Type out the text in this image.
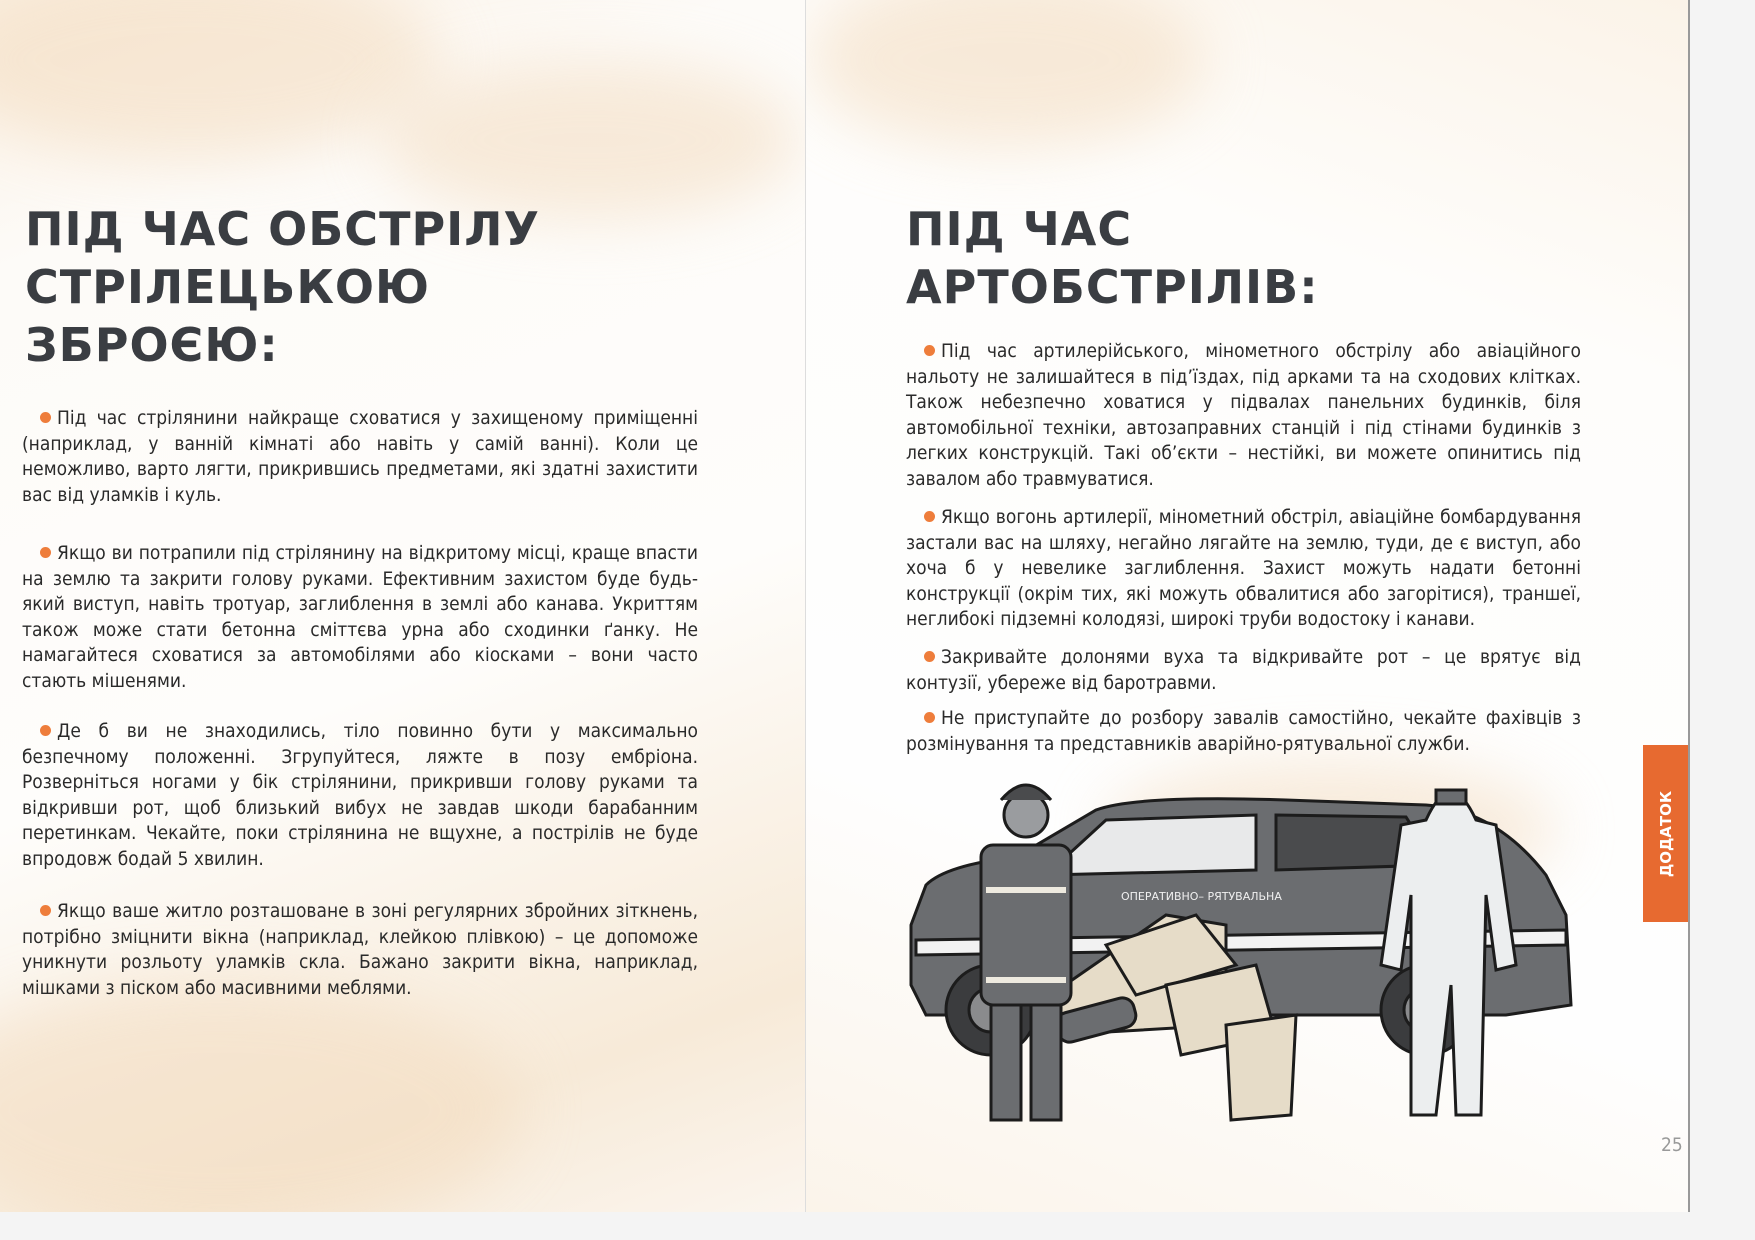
ПІД ЧАС ОБСТРІЛУ
СТРІЛЕЦЬКОЮ
ЗБРОЄЮ:

Під час стрілянини найкраще сховатися у захищеному приміщенні (наприклад, у ванній кімнаті або навіть у самій ванні). Коли це неможливо, варто лягти, прикрившись предметами, які здатні захистити вас від уламків і куль.

Якщо ви потрапили під стрілянину на відкритому місці, краще впасти на землю та закрити голову руками. Ефективним захистом буде будь-який виступ, навіть тротуар, заглиблення в землі або канава. Укриттям також може стати бетонна сміттєва урна або сходинки ґанку. Не намагайтеся сховатися за автомобілями або кіосками – вони часто стають мішенями.

Де б ви не знаходились, тіло повинно бути у максимально безпечному положенні. Згрупуйтеся, ляжте в позу ембріона. Розверніться ногами у бік стрілянини, прикривши голову руками та відкривши рот, щоб близький вибух не завдав шкоди барабанним перетинкам. Чекайте, поки стрілянина не вщухне, а пострілів не буде впродовж бодай 5 хвилин.

Якщо ваше житло розташоване в зоні регулярних збройних зіткнень, потрібно зміцнити вікна (наприклад, клейкою плівкою) – це допоможе уникнути розльоту уламків скла. Бажано закрити вікна, наприклад, мішками з піском або масивними меблями.

ПІД ЧАС
АРТОБСТРІЛІВ:

Під час артилерійського, мінометного обстрілу або авіаційного нальоту не залишайтеся в під’їздах, під арками та на сходових клітках. Також небезпечно ховатися у підвалах панельних будинків, біля автомобільної техніки, автозаправних станцій і під стінами будинків з легких конструкцій. Такі об’єкти – нестійкі, ви можете опинитись під завалом або травмуватися.

Якщо вогонь артилерії, мінометний обстріл, авіаційне бомбардування застали вас на шляху, негайно лягайте на землю, туди, де є виступ, або хоча б у невелике заглиблення. Захист можуть надати бетонні конструкції (окрім тих, які можуть обвалитися або загорітися), траншеї, неглибокі підземні колодязі, широкі труби водостоку і канави.

Закривайте долонями вуха та відкривайте рот – це врятує від контузії, убереже від баротравми.

Не приступайте до розбору завалів самостійно, чекайте фахівців з розмінування та представників аварійно-рятувальної служби.

ОПЕРАТИВНО– РЯТУВАЛЬНА
ДОДАТОК
25
